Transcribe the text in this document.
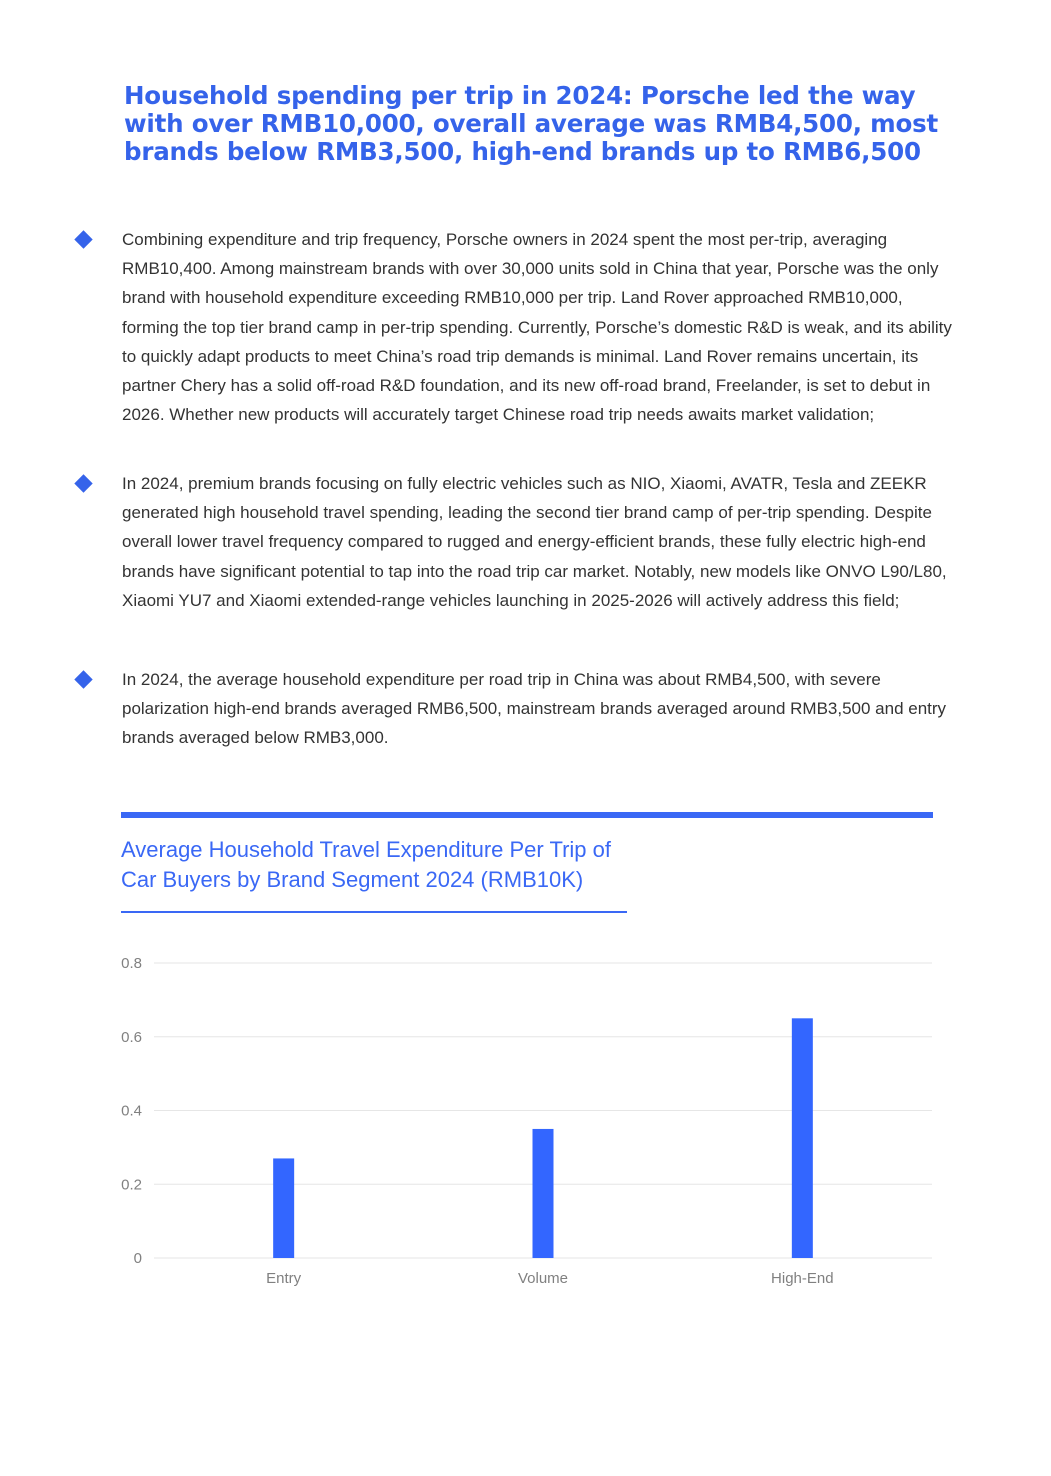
Household spending per trip in 2024: Porsche led the way with over RMB10,000, overall average was RMB4,500, most brands below RMB3,500, high-end brands up to RMB6,500
Combining expenditure and trip frequency, Porsche owners in 2024 spent the most per-trip, averaging RMB10,400. Among mainstream brands with over 30,000 units sold in China that year, Porsche was the only brand with household expenditure exceeding RMB10,000 per trip. Land Rover approached RMB10,000, forming the top tier brand camp in per-trip spending. Currently, Porsche’s domestic R&D is weak, and its ability to quickly adapt products to meet China’s road trip demands is minimal. Land Rover remains uncertain, its partner Chery has a solid off-road R&D foundation, and its new off-road brand, Freelander, is set to debut in 2026. Whether new products will accurately target Chinese road trip needs awaits market validation;
In 2024, premium brands focusing on fully electric vehicles such as NIO, Xiaomi, AVATR, Tesla and ZEEKR generated high household travel spending, leading the second tier brand camp of per-trip spending. Despite overall lower travel frequency compared to rugged and energy-efficient brands, these fully electric high-end brands have significant potential to tap into the road trip car market. Notably, new models like ONVO L90/L80, Xiaomi YU7 and Xiaomi extended-range vehicles launching in 2025-2026 will actively address this field;
In 2024, the average household expenditure per road trip in China was about RMB4,500, with severe polarization high-end brands averaged RMB6,500, mainstream brands averaged around RMB3,500 and entry brands averaged below RMB3,000.
Average Household Travel Expenditure Per Trip of Car Buyers by Brand Segment 2024 (RMB10K)
0
0.2
0.4
0.6
0.8
Entry	Volume	High-End
